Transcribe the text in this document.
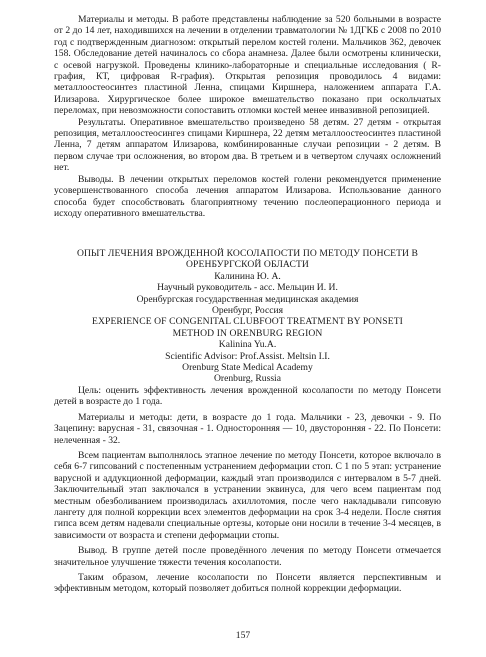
Материалы и методы. В работе представлены наблюдение за 520 больными в возрасте от 2 до 14 лет, находившихся на лечении в отделении травматологии № 1ДГКБ с 2008 по 2010 год с подтвержденным диагнозом: открытый перелом костей голени. Мальчиков 362, девочек 158. Обследование детей начиналось со сбора анамнеза. Далее были осмотрены клинически, с осевой нагрузкой. Проведены клинико-лабораторные и специальные исследования ( R-графия, КТ, цифровая R-графия). Открытая репозиция проводилось 4 видами: металлоостеосинтез пластиной Ленна, спицами Киршнера, наложением аппарата Г.А. Илизарова. Хирургическое более широкое вмешательство показано при оскольчатых переломах, при невозможности сопоставить отломки костей менее инвазивной репозицией.

Результаты. Оперативное вмешательство произведено 58 детям. 27 детям - открытая репозиция, металлоостеосингез спицами Киршнера, 22 детям металлоостеосинтез пластиной Ленна, 7 детям аппаратом Илизарова, комбинированные случаи репозиции - 2 детям. В первом случае три осложнения, во втором два. В третьем и в четвертом случаях осложнений нет.

Выводы. В лечении открытых переломов костей голени рекомендуется применение усовершенствованного способа лечения аппаратом Илизарова. Использование данного способа будет способствовать благоприятному течению послеоперационного периода и исходу оперативного вмешательства.

ОПЫТ ЛЕЧЕНИЯ ВРОЖДЕННОЙ КОСОЛАПОСТИ ПО МЕТОДУ ПОНСЕТИ В

ОРЕНБУРГСКОЙ ОБЛАСТИ

Калинина Ю. А.

Научный руководитель - асс. Мельцин И. И.

Оренбургская государственная медицинская академия

Оренбург, Россия

EXPERIENCE OF CONGENITAL CLUBFOOT TREATMENT BY PONSETI

METHOD IN ORENBURG REGION

Kalinina Yu.A.

Scientific Advisor: Prof.Assist. Meltsin I.I.

Orenburg State Medical Academy

Orenburg, Russia

Цель: оценить эффективность лечения врожденной косолапости по методу Понсети детей в возрасте до 1 года.

Материалы и методы: дети, в возрасте до 1 года. Мальчики - 23, девочки - 9. По Зацепину: варусная - 31, связочная - 1. Односторонняя — 10, двусторонняя - 22. По Понсети: нелеченная - 32.

Всем пациентам выполнялось этапное лечение по методу Понсети, которое включало в себя 6-7 гипсований с постепенным устранением деформации стоп. С 1 по 5 этап: устранение варусной и аддукционной деформации, каждый этап производился с интервалом в 5-7 дней. Заключительный этап заключался в устранении эквинуса, для чего всем пациентам под местным обезболиванием производилась ахиллотомия, после чего накладывали гипсовую лангету для полной коррекции всех элементов деформации на срок 3-4 недели. После снятия гипса всем детям надевали специальные ортезы, которые они носили в течение 3-4 месяцев, в зависимости от возраста и степени деформации стопы.

Вывод. В группе детей после проведённого лечения по методу Понсети отмечается значительное улучшение тяжести течения косолапости.

Таким образом, лечение косолапости по Понсети является перспективным и эффективным методом, который позволяет добиться полной коррекции деформации.

157
